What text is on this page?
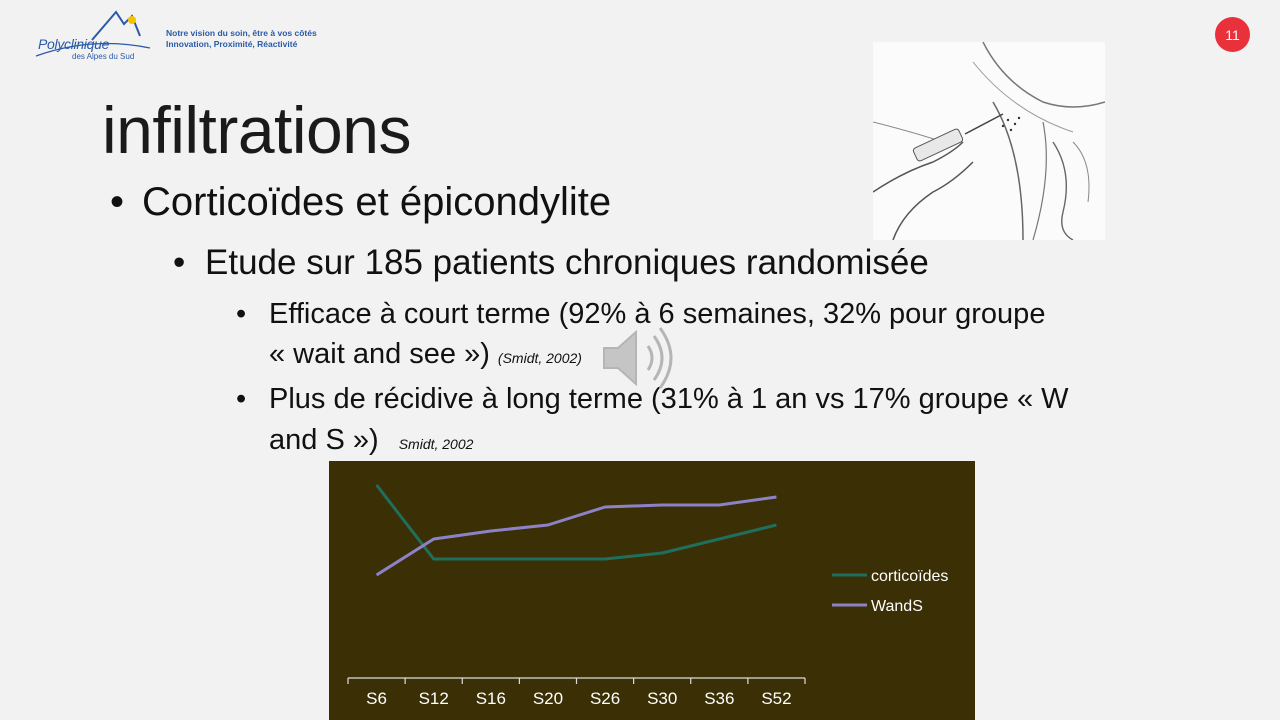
Polyclinique
des Alpes du Sud
Notre vision du soin, être à vos côtés
Innovation, Proximité, Réactivité
11
infiltrations
• Corticoïdes et épicondylite
• Etude sur 185 patients chroniques randomisée
• Efficace à court terme (92% à 6 semaines, 32% pour groupe
« wait and see ») (Smidt, 2002)
• Plus de récidive à long terme (31% à 1 an vs 17% groupe « W
and S ») Smidt, 2002
S6 S12 S16 S20 S26 S30 S36 S52
corticoïdes
WandS
